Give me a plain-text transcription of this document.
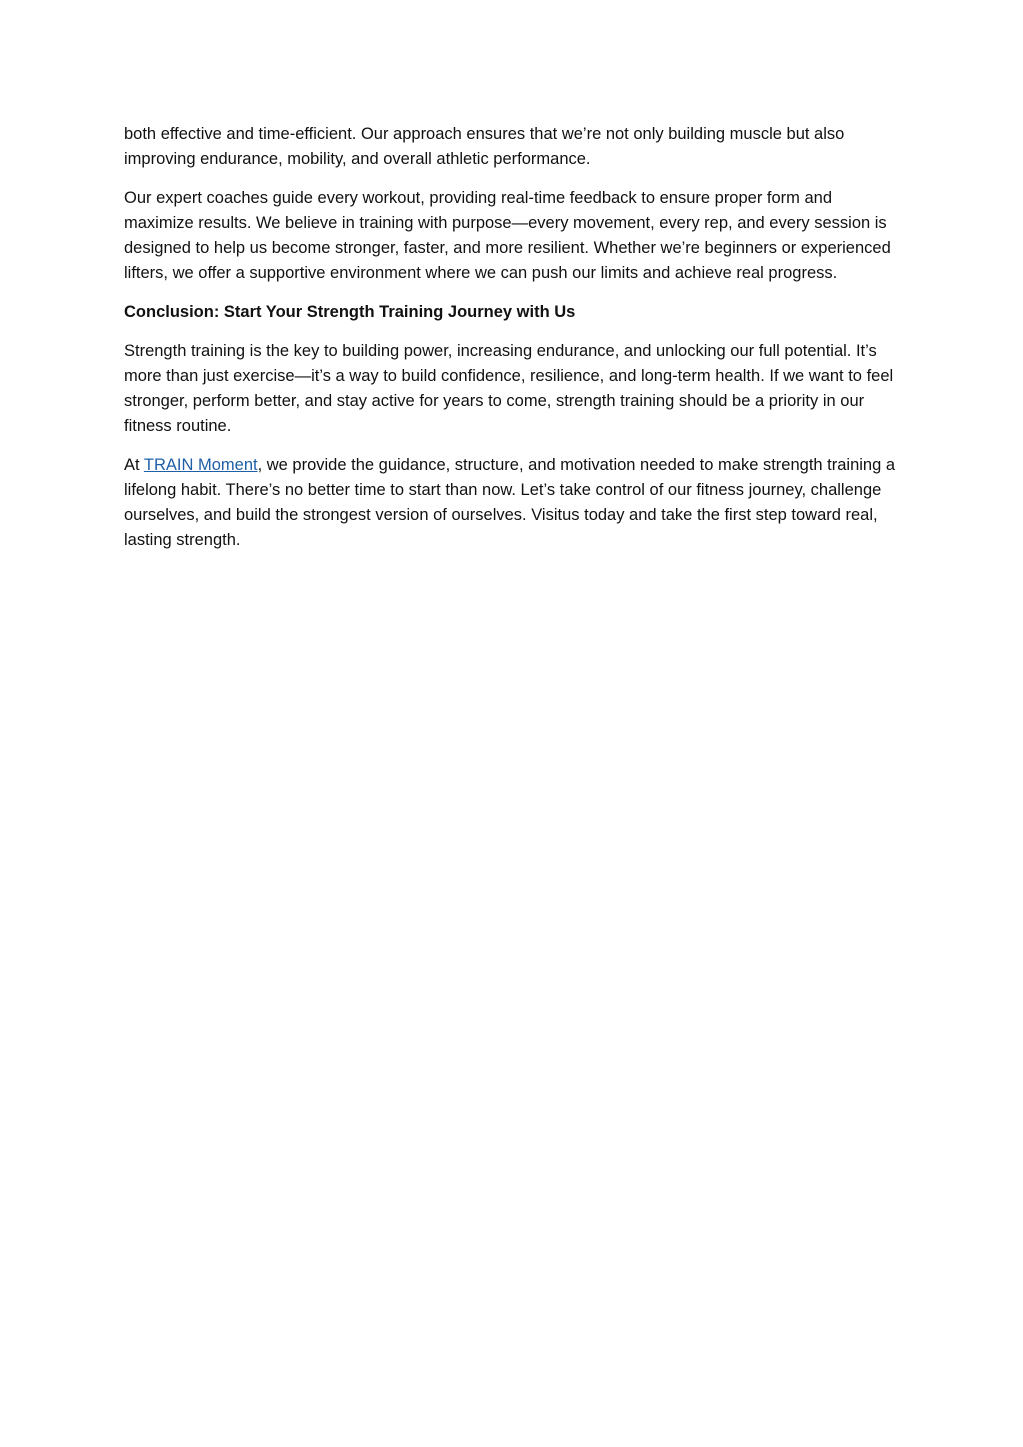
both effective and time-efficient. Our approach ensures that we’re not only building muscle but also improving endurance, mobility, and overall athletic performance.

Our expert coaches guide every workout, providing real-time feedback to ensure proper form and maximize results. We believe in training with purpose—every movement, every rep, and every session is designed to help us become stronger, faster, and more resilient. Whether we’re beginners or experienced lifters, we offer a supportive environment where we can push our limits and achieve real progress.

Conclusion: Start Your Strength Training Journey with Us

Strength training is the key to building power, increasing endurance, and unlocking our full potential. It’s more than just exercise—it’s a way to build confidence, resilience, and long-term health. If we want to feel stronger, perform better, and stay active for years to come, strength training should be a priority in our fitness routine.

At TRAIN Moment, we provide the guidance, structure, and motivation needed to make strength training a lifelong habit. There’s no better time to start than now. Let’s take control of our fitness journey, challenge ourselves, and build the strongest version of ourselves. Visitus today and take the first step toward real, lasting strength.
